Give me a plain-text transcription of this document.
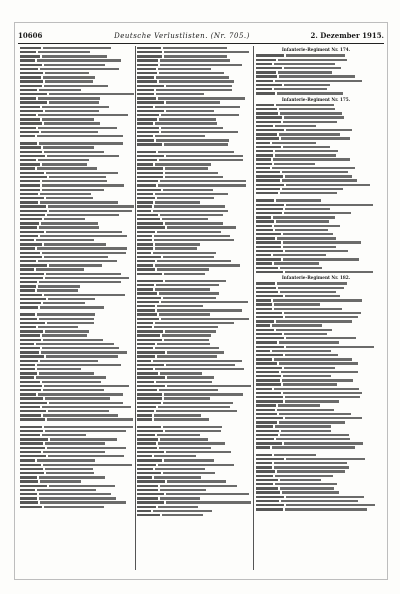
10606	Deutsche Verlustlisten. (Nr. 705.)	2. Dezember 1915.
Infanterie-Regiment Nr. 174.
Infanterie-Regiment Nr. 175.
Infanterie-Regiment Nr. 182.
